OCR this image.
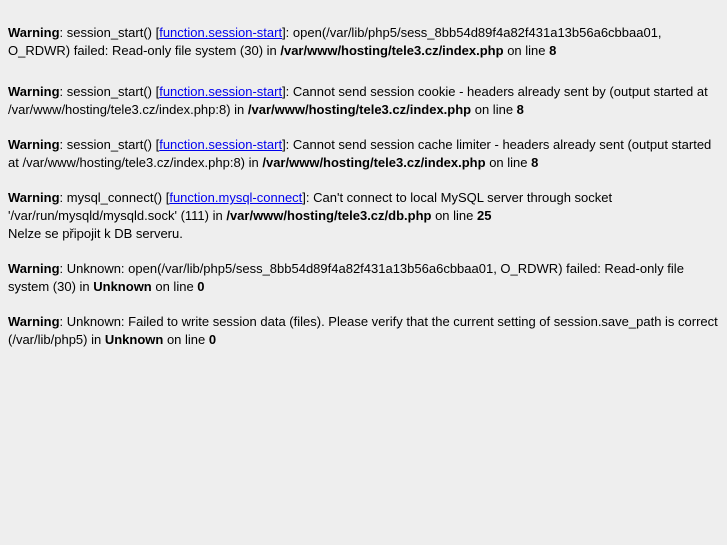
Warning: session_start() [function.session-start]: open(/var/lib/php5/sess_8bb54d89f4a82f431a13b56a6cbbaa01, O_RDWR) failed: Read-only file system (30) in /var/www/hosting/tele3.cz/index.php on line 8
Warning: session_start() [function.session-start]: Cannot send session cookie - headers already sent by (output started at /var/www/hosting/tele3.cz/index.php:8) in /var/www/hosting/tele3.cz/index.php on line 8
Warning: session_start() [function.session-start]: Cannot send session cache limiter - headers already sent (output started at /var/www/hosting/tele3.cz/index.php:8) in /var/www/hosting/tele3.cz/index.php on line 8
Warning: mysql_connect() [function.mysql-connect]: Can't connect to local MySQL server through socket '/var/run/mysqld/mysqld.sock' (111) in /var/www/hosting/tele3.cz/db.php on line 25
Nelze se připojit k DB serveru.
Warning: Unknown: open(/var/lib/php5/sess_8bb54d89f4a82f431a13b56a6cbbaa01, O_RDWR) failed: Read-only file system (30) in Unknown on line 0
Warning: Unknown: Failed to write session data (files). Please verify that the current setting of session.save_path is correct (/var/lib/php5) in Unknown on line 0
